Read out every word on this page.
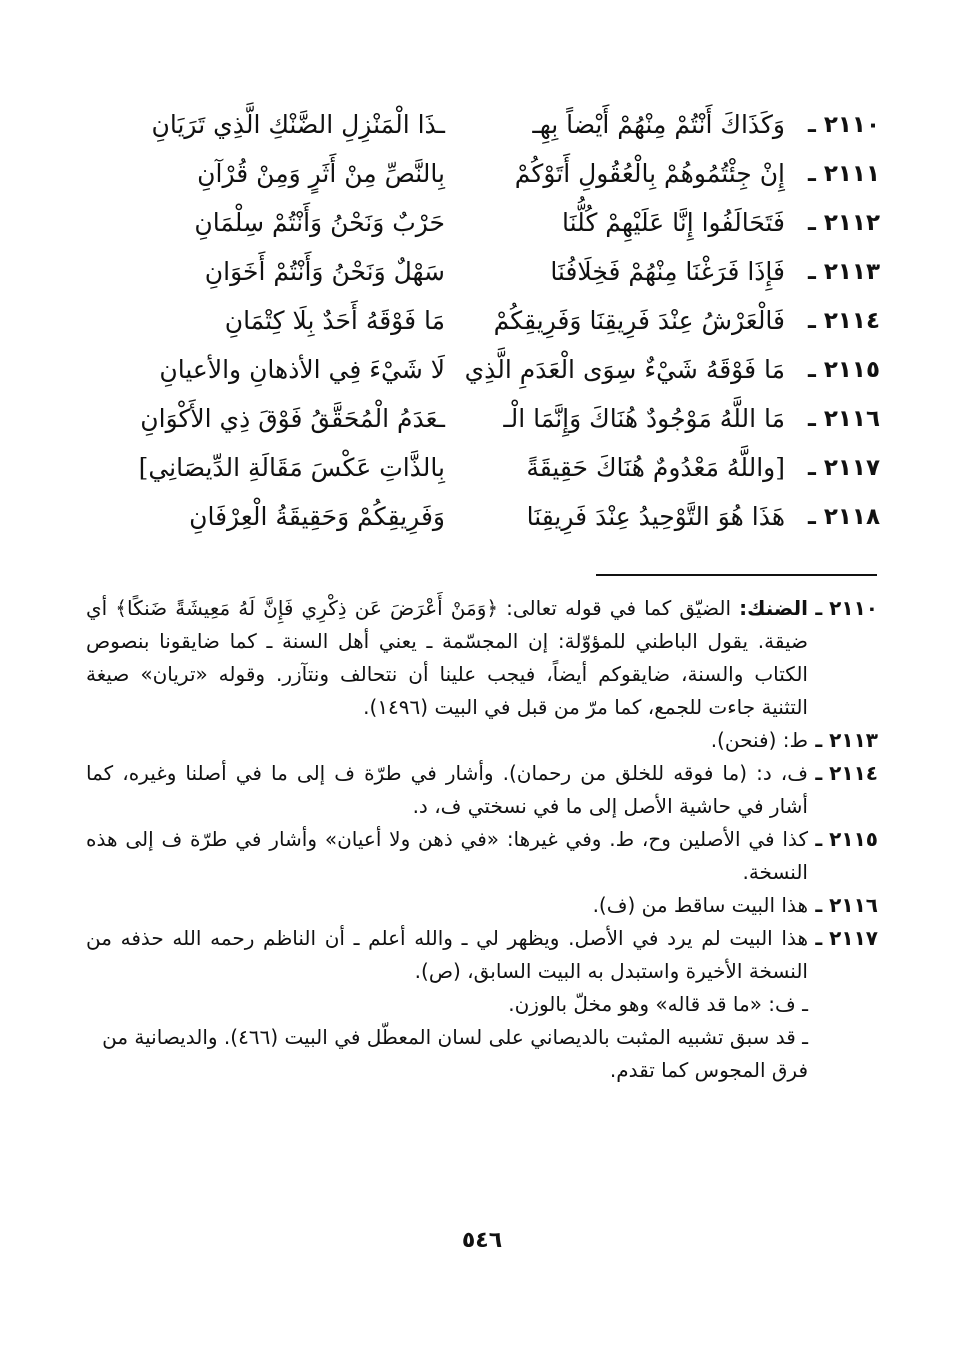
٢١١٠ ـ
وَكَذَاكَ أَنْتُمْ مِنْهُمْ أَيْضاً بِهِـ
ـذَا الْمَنْزِلِ الضَّنْكِ الَّذِي تَرَيَانِ
٢١١١ ـ
إِنْ جِئْتُمُوهُمْ بِالْعُقُولِ أَتَوْكُمْ
بِالنَّصِّ مِنْ أَثَرٍ وَمِنْ قُرْآنِ
٢١١٢ ـ
فَتَحَالَفُوا إِنَّا عَلَيْهِمْ كُلُّنَا
حَرْبٌ وَنَحْنُ وَأَنْتُمْ سِلْمَانِ
٢١١٣ ـ
فَإِذَا فَرَغْنَا مِنْهُمْ فَخِلَافُنَا
سَهْلٌ وَنَحْنُ وَأَنْتُمْ أَخَوَانِ
٢١١٤ ـ
فَالْعَرْشُ عِنْدَ فَرِيقِنَا وَفَرِيقِكُمْ
مَا فَوْقَهُ أَحَدٌ بِلَا كِتْمَانِ
٢١١٥ ـ
مَا فَوْقَهُ شَيْءٌ سِوَى الْعَدَمِ الَّذِي
لَا شَيْءَ فِي الأذهانِ والأعيانِ
٢١١٦ ـ
مَا اللَّهُ مَوْجُودٌ هُنَاكَ وَإِنَّمَا الْـ
ـعَدَمُ الْمُحَقَّقُ فَوْقَ ذِي الأَكْوَانِ
٢١١٧ ـ
[واللَّهُ مَعْدُومٌ هُنَاكَ حَقِيقَةً
بِالذَّاتِ عَكْسَ مَقَالَةِ الدِّيصَانِي]
٢١١٨ ـ
هَذَا هُوَ التَّوْحِيدُ عِنْدَ فَرِيقِنَا
وَفَرِيقِكُمْ وَحَقِيقَةُ الْعِرْفَانِ
٢١١٠ ـ
الضنك: الضيّق كما في قوله تعالى: ﴿وَمَنْ أَعْرَضَ عَن ذِكْرِي فَإِنَّ لَهُ مَعِيشَةً ضَنكًا﴾ أي ضيقة. يقول الباطني للمؤوّلة: إن المجسّمة ـ يعني أهل السنة ـ كما ضايقونا بنصوص الكتاب والسنة، ضايقوكم أيضاً، فيجب علينا أن نتحالف ونتآزر. وقوله «تريان» صيغة التثنية جاءت للجمع، كما مرّ من قبل في البيت (١٤٩٦).
٢١١٣ ـ
ط: (فنحن).
٢١١٤ ـ
ف، د: (ما فوقه للخلق من رحمان). وأشار في طرّة ف إلى ما في أصلنا وغيره، كما أشار في حاشية الأصل إلى ما في نسختي ف، د.
٢١١٥ ـ
كذا في الأصلين وح، ط. وفي غيرها: «في ذهن ولا أعيان» وأشار في طرّة ف إلى هذه النسخة.
٢١١٦ ـ
هذا البيت ساقط من (ف).
٢١١٧ ـ
هذا البيت لم يرد في الأصل. ويظهر لي ـ والله أعلم ـ أن الناظم رحمه الله حذفه من النسخة الأخيرة واستبدل به البيت السابق، (ص).
ـ ف: «ما قد قاله» وهو مخلّ بالوزن.
ـ قد سبق تشبيه المثبت بالديصاني على لسان المعطّل في البيت (٤٦٦). والديصانية من فرق المجوس كما تقدم.
٥٤٦
